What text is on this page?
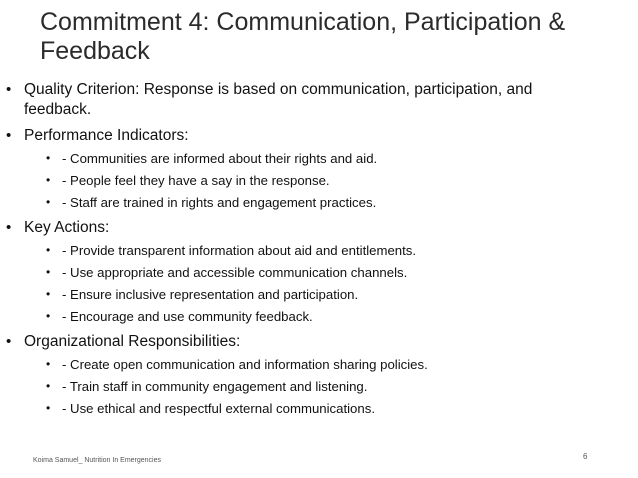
Commitment 4: Communication, Participation &
Feedback
• Quality Criterion: Response is based on communication, participation, and
feedback.
• Performance Indicators:
• - Communities are informed about their rights and aid.
• - People feel they have a say in the response.
• - Staff are trained in rights and engagement practices.
• Key Actions:
• - Provide transparent information about aid and entitlements.
• - Use appropriate and accessible communication channels.
• - Ensure inclusive representation and participation.
• - Encourage and use community feedback.
• Organizational Responsibilities:
• - Create open communication and information sharing policies.
• - Train staff in community engagement and listening.
• - Use ethical and respectful external communications.
Koima Samuel_ Nutrition In Emergencies	6
